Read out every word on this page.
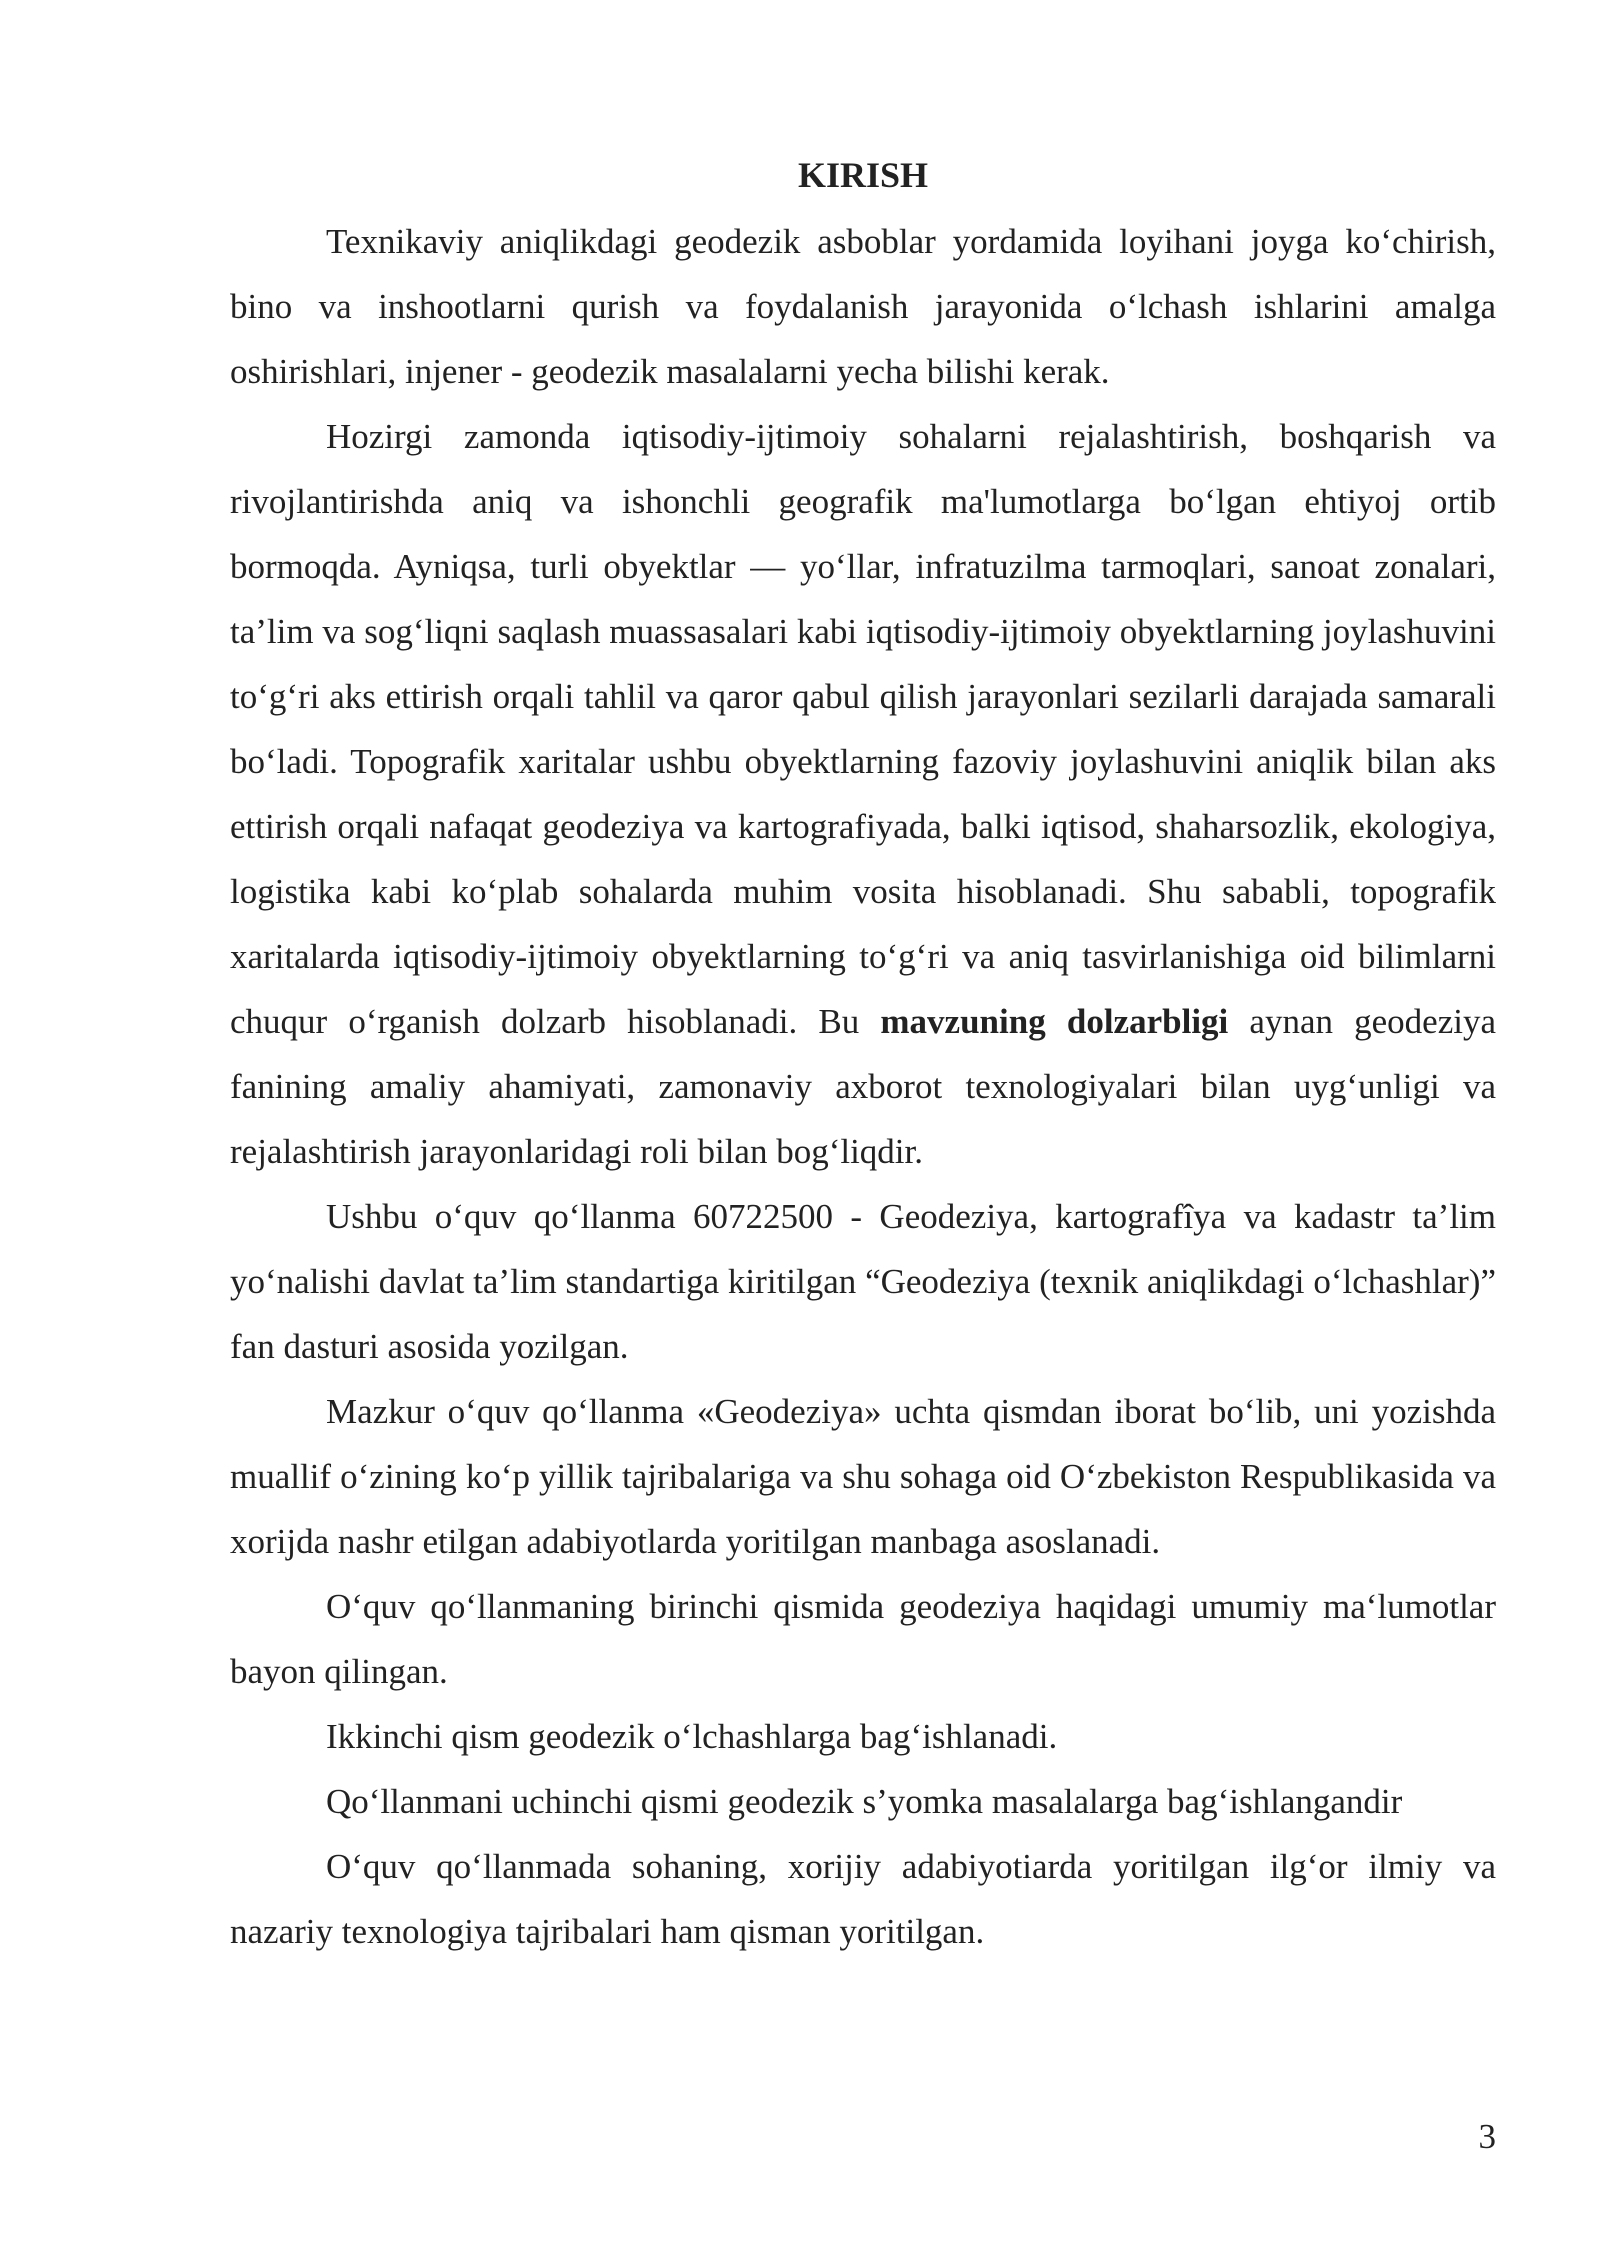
KIRISH

Texnikaviy aniqlikdagi geodezik asboblar yordamida loyihani joyga ko‘chirish, bino va inshootlarni qurish va foydalanish jarayonida o‘lchash ishlarini amalga oshirishlari, injener - geodezik masalalarni yecha bilishi kerak.

Hozirgi zamonda iqtisodiy-ijtimoiy sohalarni rejalashtirish, boshqarish va rivojlantirishda aniq va ishonchli geografik ma'lumotlarga bo‘lgan ehtiyoj ortib bormoqda. Ayniqsa, turli obyektlar — yo‘llar, infratuzilma tarmoqlari, sanoat zonalari, ta’lim va sog‘liqni saqlash muassasalari kabi iqtisodiy-ijtimoiy obyektlarning joylashuvini to‘g‘ri aks ettirish orqali tahlil va qaror qabul qilish jarayonlari sezilarli darajada samarali bo‘ladi. Topografik xaritalar ushbu obyektlarning fazoviy joylashuvini aniqlik bilan aks ettirish orqali nafaqat geodeziya va kartografiyada, balki iqtisod, shaharsozlik, ekologiya, logistika kabi ko‘plab sohalarda muhim vosita hisoblanadi. Shu sababli, topografik xaritalarda iqtisodiy-ijtimoiy obyektlarning to‘g‘ri va aniq tasvirlanishiga oid bilimlarni chuqur o‘rganish dolzarb hisoblanadi. Bu mavzuning dolzarbligi aynan geodeziya fanining amaliy ahamiyati, zamonaviy axborot texnologiyalari bilan uyg‘unligi va rejalashtirish jarayonlaridagi roli bilan bog‘liqdir.

Ushbu o‘quv qo‘llanma 60722500 - Geodeziya, kartografîya va kadastr ta’lim yo‘nalishi davlat ta’lim standartiga kiritilgan “Geodeziya (texnik aniqlikdagi o‘lchashlar)” fan dasturi asosida yozilgan.

Mazkur o‘quv qo‘llanma «Geodeziya» uchta qismdan iborat bo‘lib, uni yozishda muallif o‘zining ko‘p yillik tajribalariga va shu sohaga oid O‘zbekiston Respublikasida va xorijda nashr etilgan adabiyotlarda yoritilgan manbaga asoslanadi.

O‘quv qo‘llanmaning birinchi qismida geodeziya haqidagi umumiy ma‘lumotlar bayon qilingan.

Ikkinchi qism geodezik o‘lchashlarga bag‘ishlanadi.

Qo‘llanmani uchinchi qismi geodezik s’yomka masalalarga bag‘ishlangandir

O‘quv qo‘llanmada sohaning, xorijiy adabiyotiarda yoritilgan ilg‘or ilmiy va nazariy texnologiya tajribalari ham qisman yoritilgan.

3
